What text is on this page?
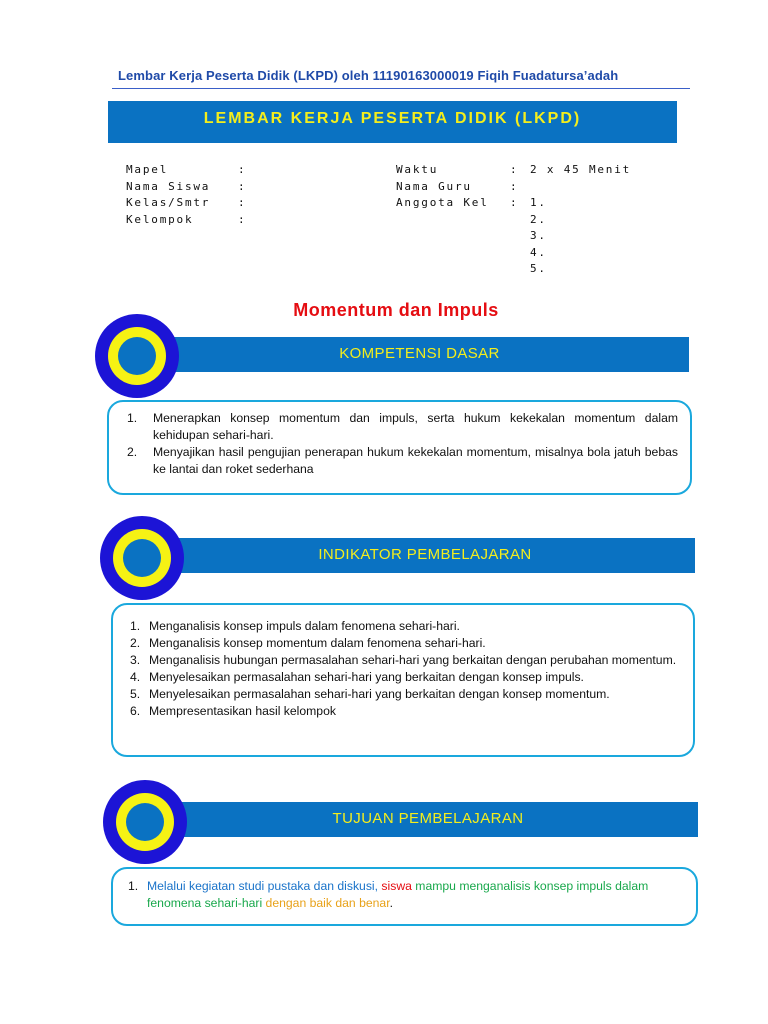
Lembar Kerja Peserta Didik (LKPD) oleh 11190163000019 Fiqih Fuadatursa’adah
LEMBAR KERJA PESERTA DIDIK (LKPD)
Mapel	:
Nama Siswa	:
Kelas/Smtr	:
Kelompok	:
Waktu	: 2 x 45 Menit
Nama Guru	:
Anggota Kel : 1.
2.
3.
4.
5.
Momentum dan Impuls
KOMPETENSI DASAR
1. Menerapkan konsep momentum dan impuls, serta hukum kekekalan momentum dalam kehidupan sehari-hari.
2. Menyajikan hasil pengujian penerapan hukum kekekalan momentum, misalnya bola jatuh bebas ke lantai dan roket sederhana
INDIKATOR PEMBELAJARAN
1. Menganalisis konsep impuls dalam fenomena sehari-hari.
2. Menganalisis konsep momentum dalam fenomena sehari-hari.
3. Menganalisis hubungan permasalahan sehari-hari yang berkaitan dengan perubahan momentum.
4. Menyelesaikan permasalahan sehari-hari yang berkaitan dengan konsep impuls.
5. Menyelesaikan permasalahan sehari-hari yang berkaitan dengan konsep momentum.
6. Mempresentasikan hasil kelompok
TUJUAN PEMBELAJARAN
1. Melalui kegiatan studi pustaka dan diskusi, siswa mampu menganalisis konsep impuls dalam fenomena sehari-hari dengan baik dan benar.
